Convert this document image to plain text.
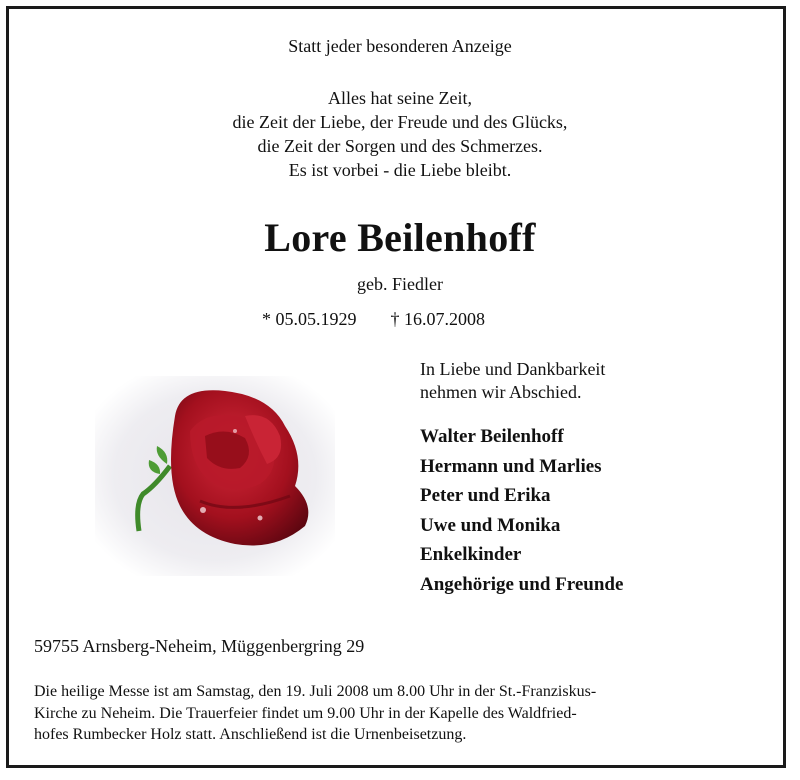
Statt jeder besonderen Anzeige
Alles hat seine Zeit,
die Zeit der Liebe, der Freude und des Glücks,
die Zeit der Sorgen und des Schmerzes.
Es ist vorbei - die Liebe bleibt.
Lore Beilenhoff
geb. Fiedler
* 05.05.1929 † 16.07.2008
In Liebe und Dankbarkeit
nehmen wir Abschied.
Walter Beilenhoff
Hermann und Marlies
Peter und Erika
Uwe und Monika
Enkelkinder
Angehörige und Freunde
59755 Arnsberg-Neheim, Müggenbergring 29
Die heilige Messe ist am Samstag, den 19. Juli 2008 um 8.00 Uhr in der St.-Franziskus-
Kirche zu Neheim. Die Trauerfeier findet um 9.00 Uhr in der Kapelle des Waldfried-
hofes Rumbecker Holz statt. Anschließend ist die Urnenbeisetzung.
